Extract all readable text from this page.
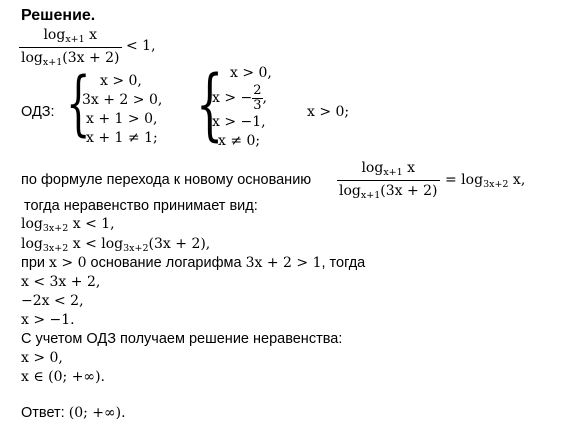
Решение.
$\frac{\log_{x+1} x}{\log_{x+1}(3x + 2)} < 1$,
ОДЗ: { x > 0,
3x + 2 > 0,
x + 1 > 0,
x + 1 ≠ 1; { x > 0,
x > − $\frac{2}{3}$ ,
x > −1,
x ≠ 0;
x > 0;
по формуле перехода к новому основанию $\frac{\log_{x+1} x}{\log_{x+1}(3x + 2)} = \log_{3x+2} x$,
тогда неравенство принимает вид:
$\log_{3x+2} x < 1$,
$\log_{3x+2} x < \log_{3x+2}(3x + 2)$,
при x > 0 основание логарифма 3x + 2 > 1, тогда
x < 3x + 2,
−2x < 2,
x > −1.
С учетом ОДЗ получаем решение неравенства:
x > 0,
x ∈ (0; +∞).
Ответ: (0; +∞).
